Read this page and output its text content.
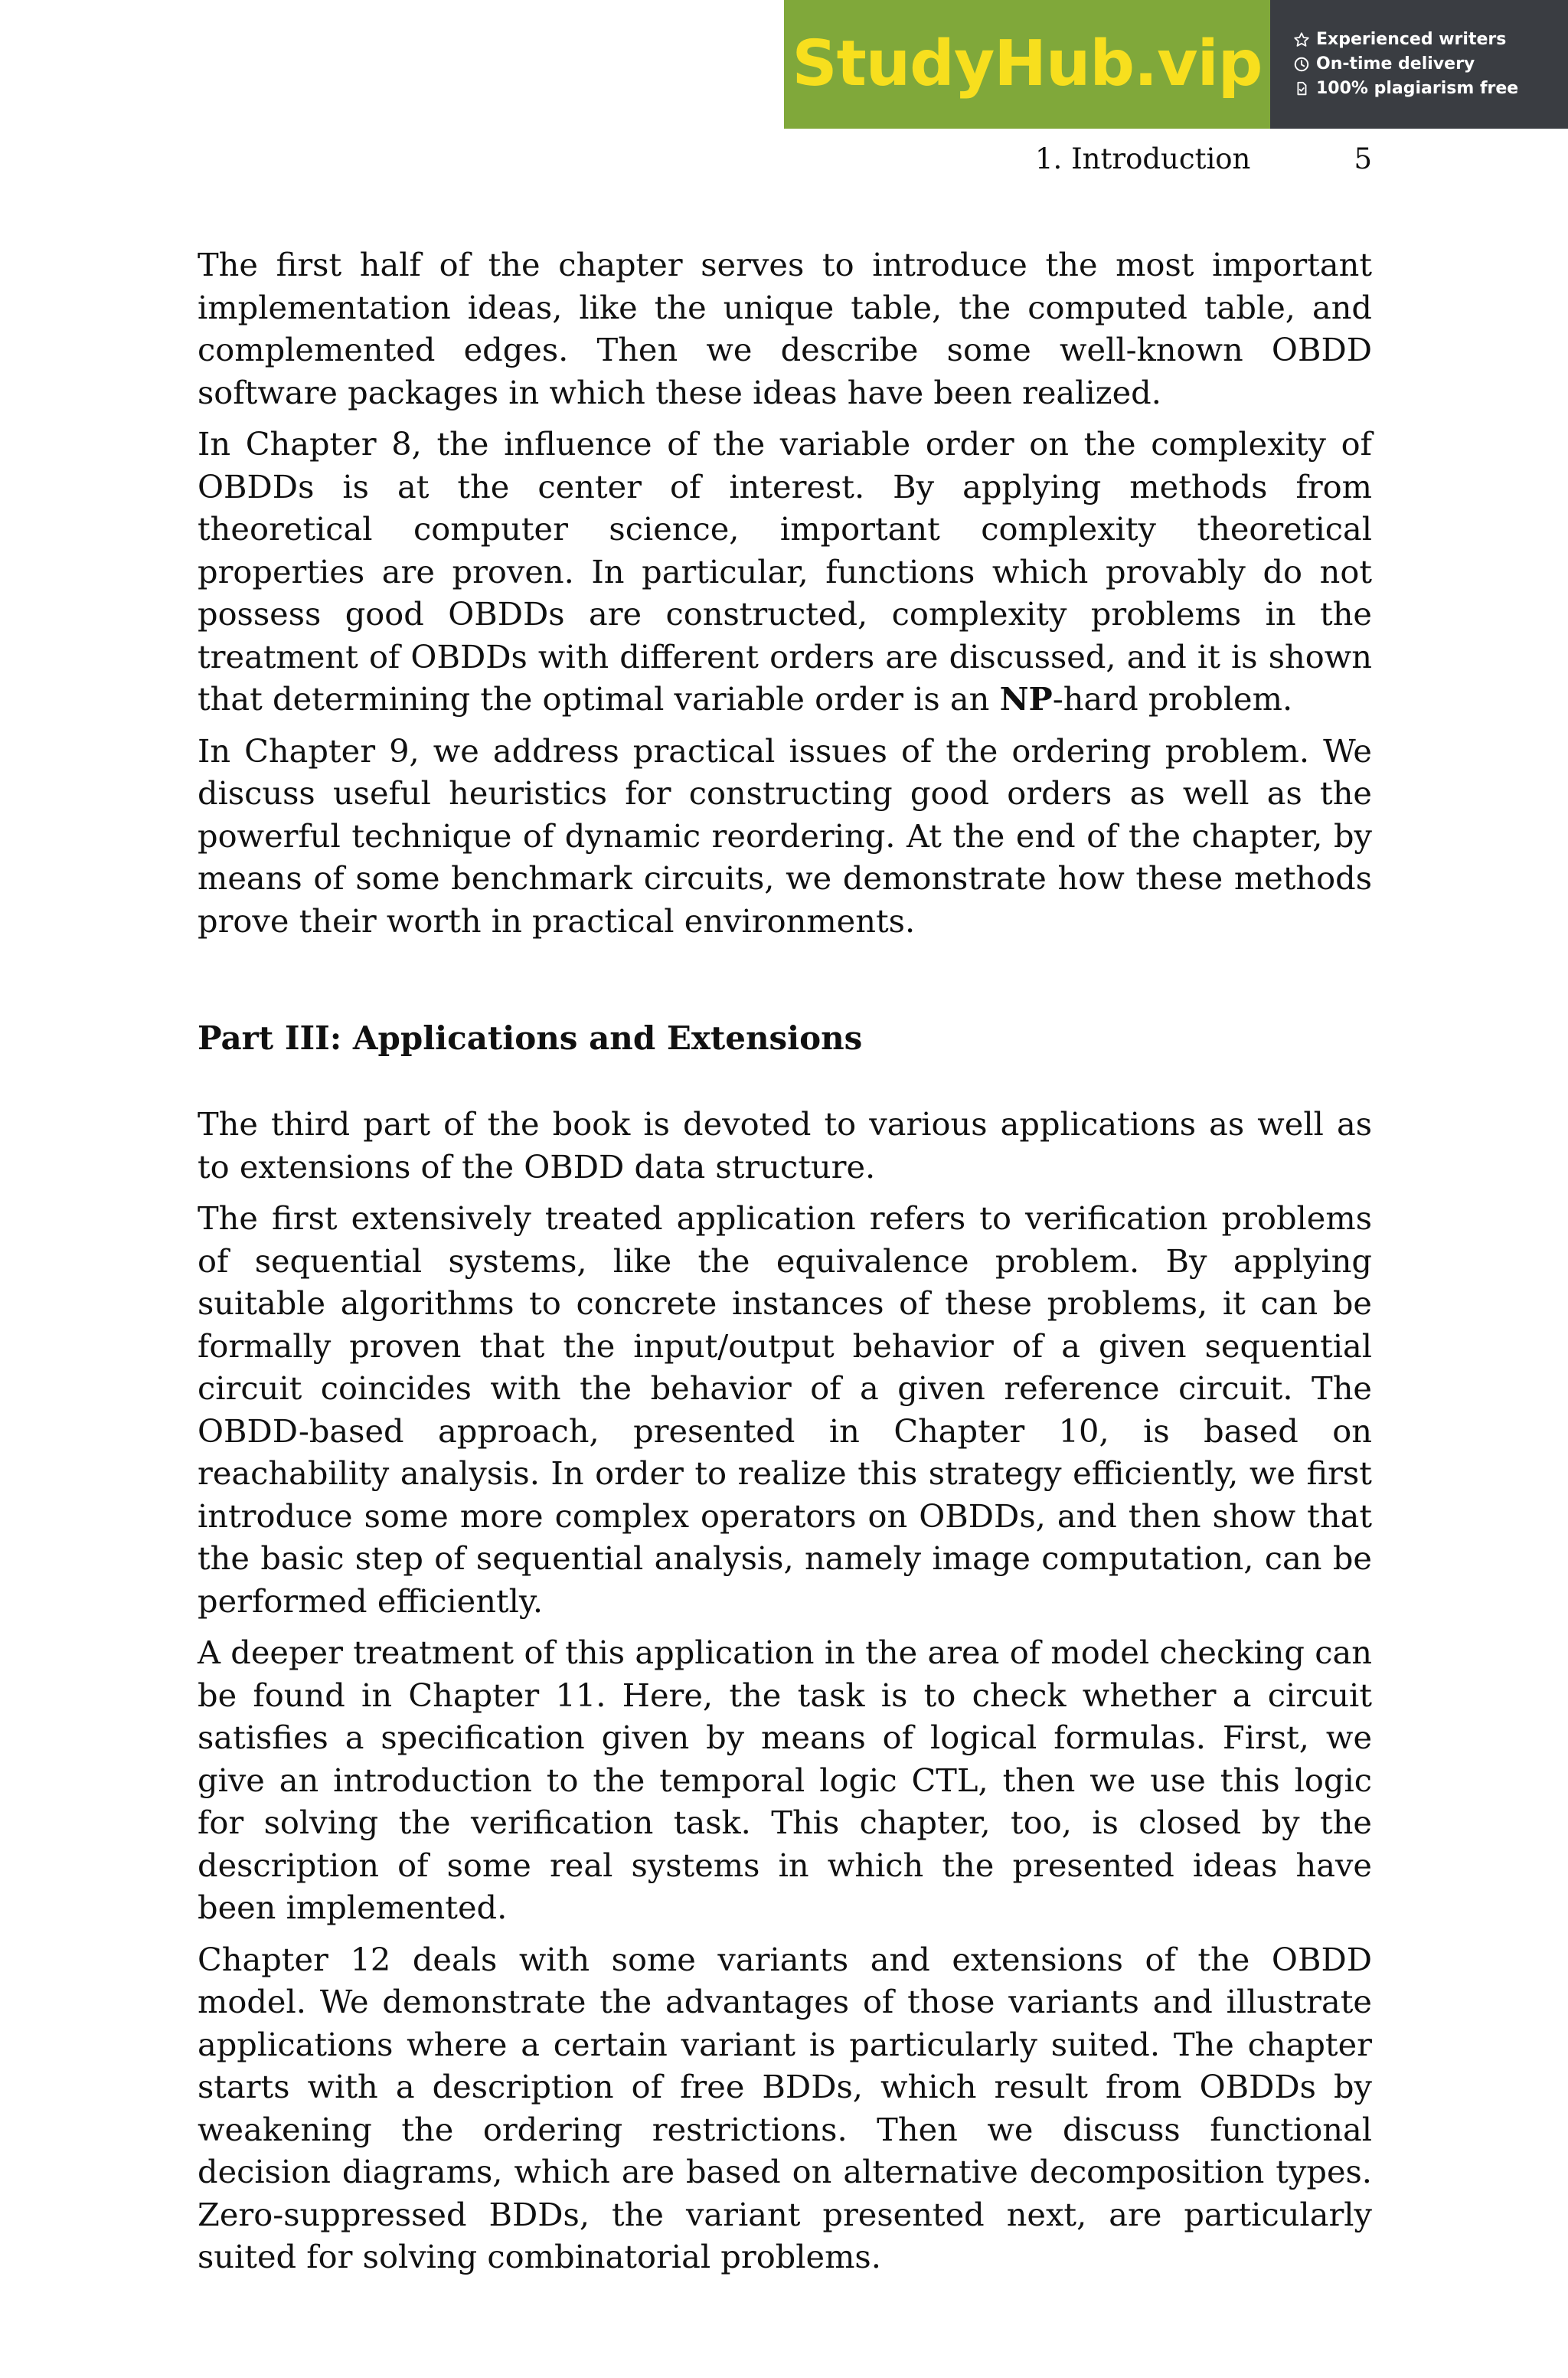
StudyHub.vip	Experienced writers
On-time delivery
100% plagiarism free
1. Introduction	5

The first half of the chapter serves to introduce the most important implementation ideas, like the unique table, the computed table, and complemented edges. Then we describe some well-known OBDD software packages in which these ideas have been realized.

In Chapter 8, the influence of the variable order on the complexity of OBDDs is at the center of interest. By applying methods from theoretical computer science, important complexity theoretical properties are proven. In particular, functions which provably do not possess good OBDDs are constructed, complexity problems in the treatment of OBDDs with different orders are discussed, and it is shown that determining the optimal variable order is an NP-hard problem.

In Chapter 9, we address practical issues of the ordering problem. We discuss useful heuristics for constructing good orders as well as the powerful technique of dynamic reordering. At the end of the chapter, by means of some benchmark circuits, we demonstrate how these methods prove their worth in practical environments.

Part III: Applications and Extensions

The third part of the book is devoted to various applications as well as to extensions of the OBDD data structure.

The first extensively treated application refers to verification problems of sequential systems, like the equivalence problem. By applying suitable algorithms to concrete instances of these problems, it can be formally proven that the input/output behavior of a given sequential circuit coincides with the behavior of a given reference circuit. The OBDD-based approach, presented in Chapter 10, is based on reachability analysis. In order to realize this strategy efficiently, we first introduce some more complex operators on OBDDs, and then show that the basic step of sequential analysis, namely image computation, can be performed efficiently.

A deeper treatment of this application in the area of model checking can be found in Chapter 11. Here, the task is to check whether a circuit satisfies a specification given by means of logical formulas. First, we give an introduction to the temporal logic CTL, then we use this logic for solving the verification task. This chapter, too, is closed by the description of some real systems in which the presented ideas have been implemented.

Chapter 12 deals with some variants and extensions of the OBDD model. We demonstrate the advantages of those variants and illustrate applications where a certain variant is particularly suited. The chapter starts with a description of free BDDs, which result from OBDDs by weakening the ordering restrictions. Then we discuss functional decision diagrams, which are based on alternative decomposition types. Zero-suppressed BDDs, the variant presented next, are particularly suited for solving combinatorial problems.
